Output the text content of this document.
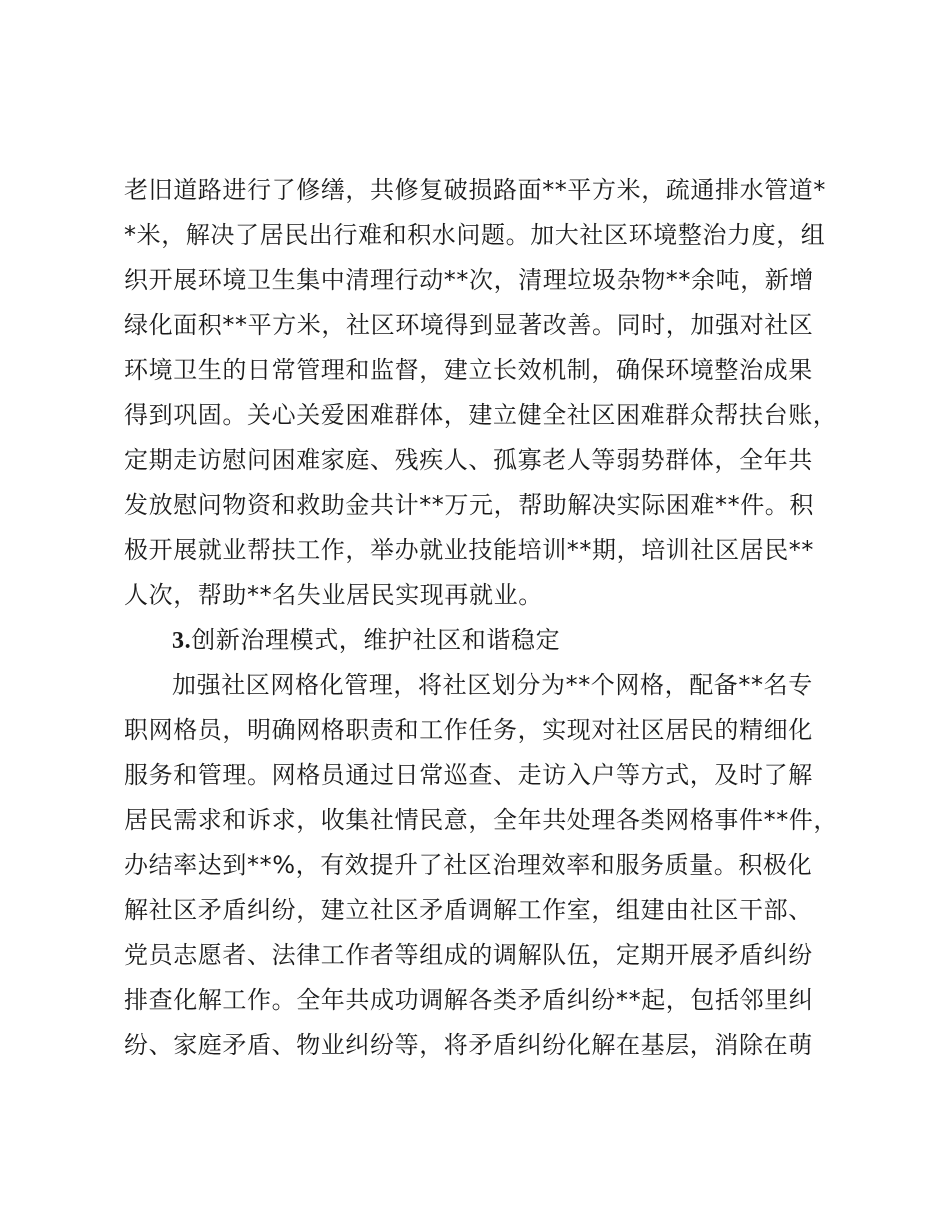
老旧道路进行了修缮，共修复破损路面**平方米，疏通排水管道*
*米，解决了居民出行难和积水问题。加大社区环境整治力度，组
织开展环境卫生集中清理行动**次，清理垃圾杂物**余吨，新增
绿化面积**平方米，社区环境得到显著改善。同时，加强对社区
环境卫生的日常管理和监督，建立长效机制，确保环境整治成果
得到巩固。关心关爱困难群体，建立健全社区困难群众帮扶台账，
定期走访慰问困难家庭、残疾人、孤寡老人等弱势群体，全年共
发放慰问物资和救助金共计**万元，帮助解决实际困难**件。积
极开展就业帮扶工作，举办就业技能培训**期，培训社区居民**
人次，帮助**名失业居民实现再就业。
3.创新治理模式，维护社区和谐稳定
加强社区网格化管理，将社区划分为**个网格，配备**名专
职网格员，明确网格职责和工作任务，实现对社区居民的精细化
服务和管理。网格员通过日常巡查、走访入户等方式，及时了解
居民需求和诉求，收集社情民意，全年共处理各类网格事件**件，
办结率达到**%，有效提升了社区治理效率和服务质量。积极化
解社区矛盾纠纷，建立社区矛盾调解工作室，组建由社区干部、
党员志愿者、法律工作者等组成的调解队伍，定期开展矛盾纠纷
排查化解工作。全年共成功调解各类矛盾纠纷**起，包括邻里纠
纷、家庭矛盾、物业纠纷等，将矛盾纠纷化解在基层，消除在萌
